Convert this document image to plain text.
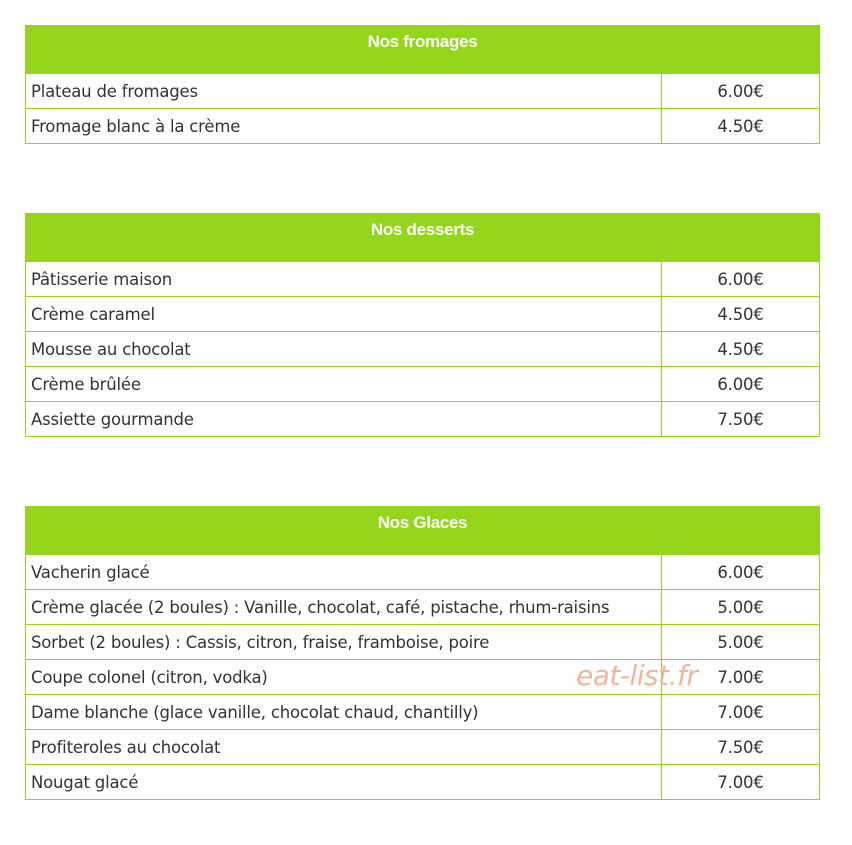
Nos fromages	
Plateau de fromages	6.00€
Fromage blanc à la crème	4.50€
Nos desserts	
Pâtisserie maison	6.00€
Crème caramel	4.50€
Mousse au chocolat	4.50€
Crème brûlée	6.00€
Assiette gourmande	7.50€
Nos Glaces	
Vacherin glacé	6.00€
Crème glacée (2 boules) : Vanille, chocolat, café, pistache, rhum-raisins	5.00€
Sorbet (2 boules) : Cassis, citron, fraise, framboise, poire	5.00€
Coupe colonel (citron, vodka)	7.00€
Dame blanche (glace vanille, chocolat chaud, chantilly)	7.00€
Profiteroles au chocolat	7.50€
Nougat glacé	7.00€
eat-list.fr
